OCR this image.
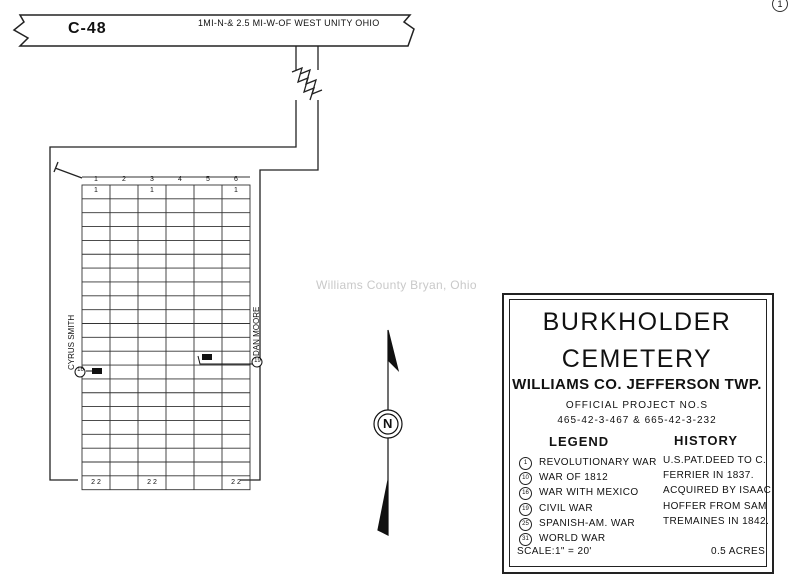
C-48	1MI-N-& 2.5 MI-W-OF WEST UNITY OHIO
1
Williams County Bryan, Ohio
1	2	3	4	5	6
1	1	1
2 2	2 2	2 2
CYRUS SMITH	DAN MOORE
16
19
N
BURKHOLDER
CEMETERY
WILLIAMS CO. JEFFERSON TWP.
OFFICIAL PROJECT NO.S
465-42-3-467 & 665-42-3-232
LEGEND	HISTORY
1	REVOLUTIONARY WAR
10	WAR OF 1812
16	WAR WITH MEXICO
19	CIVIL WAR
25	SPANISH-AM. WAR
31	WORLD WAR
U.S.PAT.DEED TO C.
FERRIER IN 1837.
ACQUIRED BY ISAAC
HOFFER FROM SAM
TREMAINES IN 1842.
SCALE:1" = 20'	0.5 ACRES
